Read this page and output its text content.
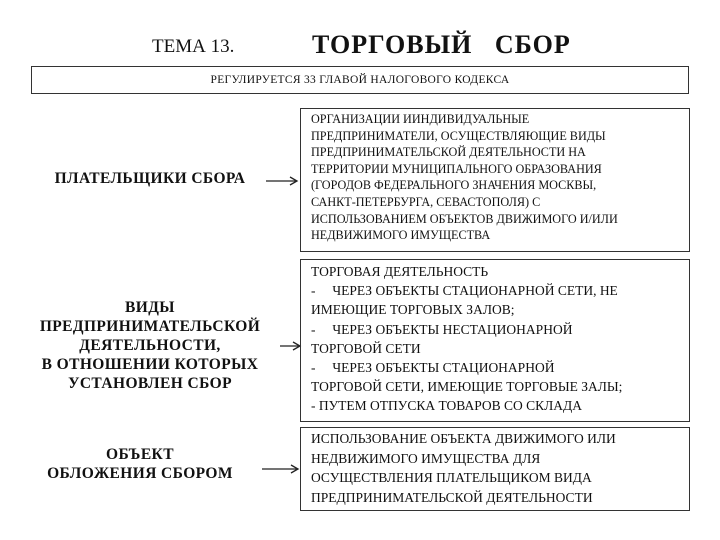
ТЕМА 13.	ТОРГОВЫЙ   СБОР
РЕГУЛИРУЕТСЯ 33 ГЛАВОЙ НАЛОГОВОГО КОДЕКСА
ПЛАТЕЛЬЩИКИ СБОРА
ОРГАНИЗАЦИИ ИИНДИВИДУАЛЬНЫЕ
ПРЕДПРИНИМАТЕЛИ, ОСУЩЕСТВЛЯЮЩИЕ ВИДЫ
ПРЕДПРИНИМАТЕЛЬСКОЙ ДЕЯТЕЛЬНОСТИ НА
ТЕРРИТОРИИ МУНИЦИПАЛЬНОГО ОБРАЗОВАНИЯ
(ГОРОДОВ ФЕДЕРАЛЬНОГО ЗНАЧЕНИЯ МОСКВЫ,
САНКТ-ПЕТЕРБУРГА, СЕВАСТОПОЛЯ) С
ИСПОЛЬЗОВАНИЕМ ОБЪЕКТОВ ДВИЖИМОГО И/ИЛИ
НЕДВИЖИМОГО ИМУЩЕСТВА
ВИДЫ
ПРЕДПРИНИМАТЕЛЬСКОЙ
ДЕЯТЕЛЬНОСТИ,
В ОТНОШЕНИИ КОТОРЫХ
УСТАНОВЛЕН СБОР
ТОРГОВАЯ ДЕЯТЕЛЬНОСТЬ
-     ЧЕРЕЗ ОБЪЕКТЫ СТАЦИОНАРНОЙ СЕТИ, НЕ
ИМЕЮЩИЕ ТОРГОВЫХ ЗАЛОВ;
-     ЧЕРЕЗ ОБЪЕКТЫ НЕСТАЦИОНАРНОЙ
ТОРГОВОЙ СЕТИ
-     ЧЕРЕЗ ОБЪЕКТЫ СТАЦИОНАРНОЙ
ТОРГОВОЙ СЕТИ, ИМЕЮЩИЕ ТОРГОВЫЕ ЗАЛЫ;
- ПУТЕМ ОТПУСКА ТОВАРОВ СО СКЛАДА
ОБЪЕКТ
ОБЛОЖЕНИЯ СБОРОМ
ИСПОЛЬЗОВАНИЕ ОБЪЕКТА ДВИЖИМОГО ИЛИ
НЕДВИЖИМОГО ИМУЩЕСТВА ДЛЯ
ОСУЩЕСТВЛЕНИЯ ПЛАТЕЛЬЩИКОМ ВИДА
ПРЕДПРИНИМАТЕЛЬСКОЙ ДЕЯТЕЛЬНОСТИ
